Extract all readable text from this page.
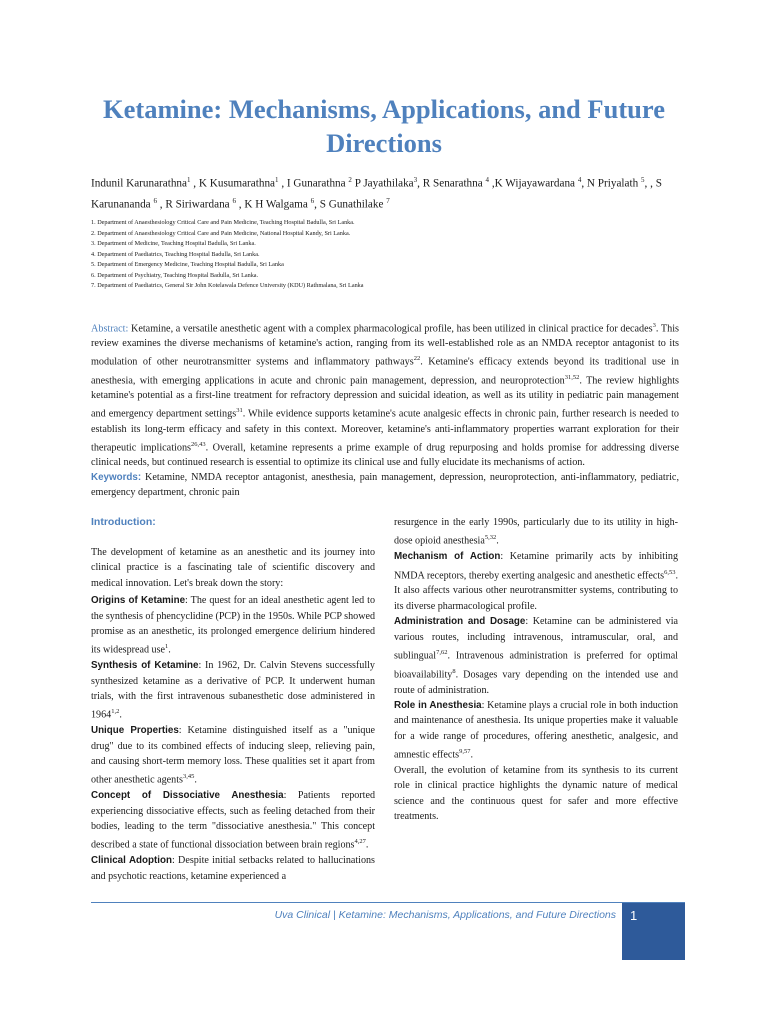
Ketamine: Mechanisms, Applications, and Future
Directions
Indunil Karunarathna$^1$ , K Kusumarathna$^1$ , I Gunarathna $^2$ P Jayathilaka$^3$, R Senarathna $^4$ ,K Wijayawardana $^4$, N Priyalath $^5$, , S Karunananda $^6$ , R Siriwardana $^6$ , K H Walgama $^6$, S Gunathilake $^7$
1. Department of Anaesthesiology Critical Care and Pain Medicine, Teaching Hospital Badulla, Sri Lanka.
2. Department of Anaesthesiology Critical Care and Pain Medicine, National Hospital Kandy, Sri Lanka.
3. Department of Medicine, Teaching Hospital Badulla, Sri Lanka.
4. Department of Paediatrics, Teaching Hospital Badulla, Sri Lanka.
5. Department of Emergency Medicine, Teaching Hospital Badulla, Sri Lanka
6. Department of Psychiatry, Teaching Hospital Badulla, Sri Lanka.
7. Department of Paediatrics, General Sir John Kotelawala Defence University (KDU) Rathmalana, Sri Lanka
Abstract: Ketamine, a versatile anesthetic agent with a complex pharmacological profile, has been utilized in clinical practice for decades$^3$. This review examines the diverse mechanisms of ketamine's action, ranging from its well-established role as an NMDA receptor antagonist to its modulation of other neurotransmitter systems and inflammatory pathways$^{22}$. Ketamine's efficacy extends beyond its traditional use in anesthesia, with emerging applications in acute and chronic pain management, depression, and neuroprotection$^{31,52}$. The review highlights ketamine's potential as a first-line treatment for refractory depression and suicidal ideation, as well as its utility in pediatric pain management and emergency department settings$^{31}$. While evidence supports ketamine's acute analgesic effects in chronic pain, further research is needed to establish its long-term efficacy and safety in this context. Moreover, ketamine's anti-inflammatory properties warrant exploration for their therapeutic implications$^{26,43}$. Overall, ketamine represents a prime example of drug repurposing and holds promise for addressing diverse clinical needs, but continued research is essential to optimize its clinical use and fully elucidate its mechanisms of action.
Keywords: Ketamine, NMDA receptor antagonist, anesthesia, pain management, depression, neuroprotection, anti-inflammatory, pediatric, emergency department, chronic pain
Introduction:

The development of ketamine as an anesthetic and its journey into clinical practice is a fascinating tale of scientific discovery and medical innovation. Let's break down the story:

Origins of Ketamine: The quest for an ideal anesthetic agent led to the synthesis of phencyclidine (PCP) in the 1950s. While PCP showed promise as an anesthetic, its prolonged emergence delirium hindered its widespread use$^1$.

Synthesis of Ketamine: In 1962, Dr. Calvin Stevens successfully synthesized ketamine as a derivative of PCP. It underwent human trials, with the first intravenous subanesthetic dose administered in 1964$^{1,2}$.

Unique Properties: Ketamine distinguished itself as a "unique drug" due to its combined effects of inducing sleep, relieving pain, and causing short-term memory loss. These qualities set it apart from other anesthetic agents$^{3,45}$.

Concept of Dissociative Anesthesia: Patients reported experiencing dissociative effects, such as feeling detached from their bodies, leading to the term "dissociative anesthesia." This concept described a state of functional dissociation between brain regions$^{4,27}$.

Clinical Adoption: Despite initial setbacks related to hallucinations and psychotic reactions, ketamine experienced a

resurgence in the early 1990s, particularly due to its utility in high-dose opioid anesthesia$^{5,32}$.

Mechanism of Action: Ketamine primarily acts by inhibiting NMDA receptors, thereby exerting analgesic and anesthetic effects$^{6,53}$. It also affects various other neurotransmitter systems, contributing to its diverse pharmacological profile.

Administration and Dosage: Ketamine can be administered via various routes, including intravenous, intramuscular, oral, and sublingual$^{7,62}$. Intravenous administration is preferred for optimal bioavailability$^8$. Dosages vary depending on the intended use and route of administration.

Role in Anesthesia: Ketamine plays a crucial role in both induction and maintenance of anesthesia. Its unique properties make it valuable for a wide range of procedures, offering anesthetic, analgesic, and amnestic effects$^{9,57}$.

Overall, the evolution of ketamine from its synthesis to its current role in clinical practice highlights the dynamic nature of medical science and the continuous quest for safer and more effective treatments.

Uva Clinical | Ketamine: Mechanisms, Applications, and Future Directions 1
